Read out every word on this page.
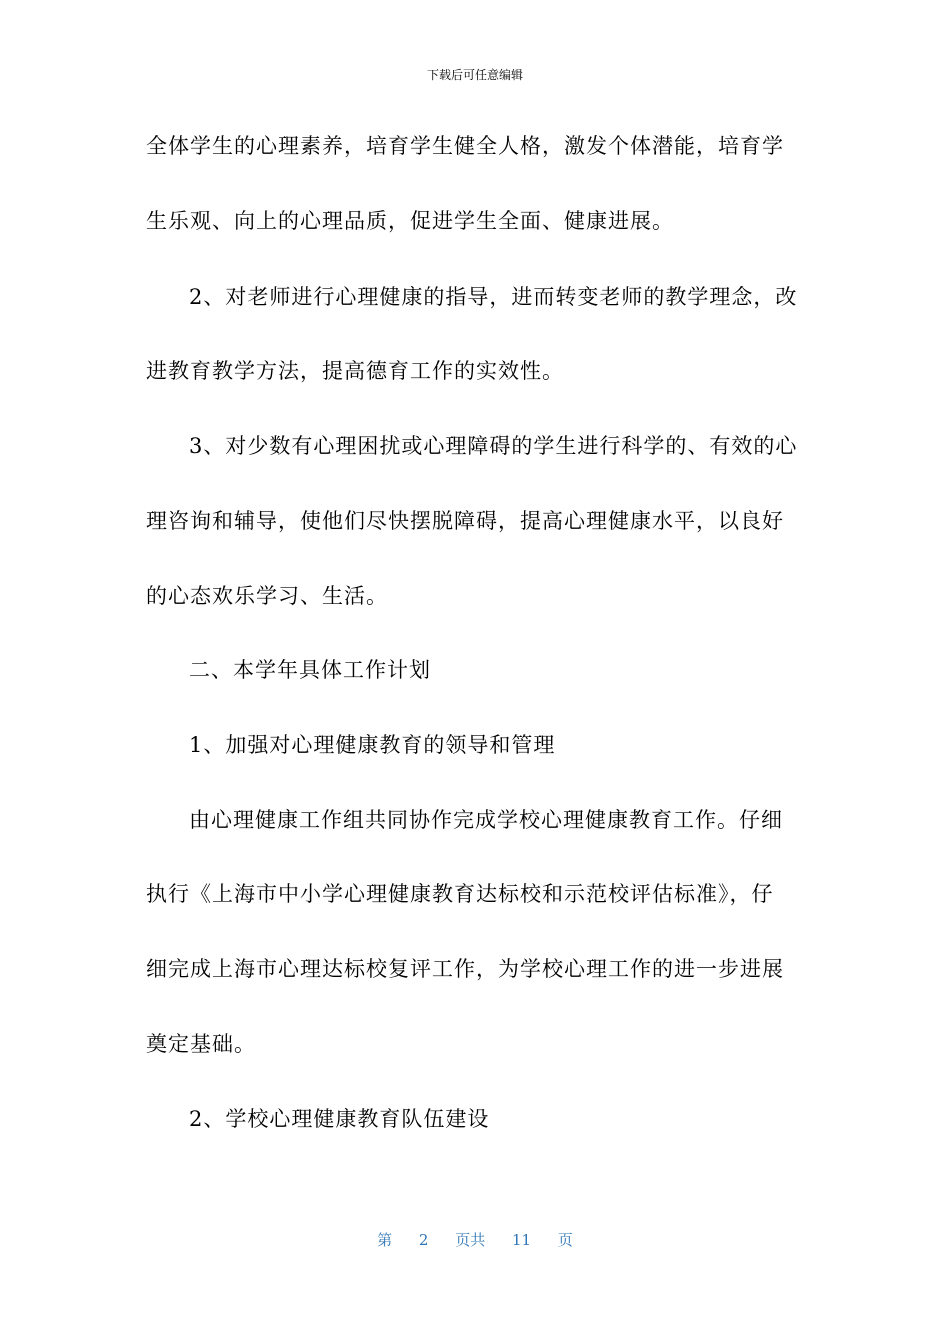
下载后可任意编辑
全体学生的心理素养，培育学生健全人格，激发个体潜能，培育学
生乐观、向上的心理品质，促进学生全面、健康进展。
2、对老师进行心理健康的指导，进而转变老师的教学理念，改
进教育教学方法，提高德育工作的实效性。
3、对少数有心理困扰或心理障碍的学生进行科学的、有效的心
理咨询和辅导，使他们尽快摆脱障碍，提高心理健康水平，以良好
的心态欢乐学习、生活。
二、本学年具体工作计划
1、加强对心理健康教育的领导和管理
由心理健康工作组共同协作完成学校心理健康教育工作。仔细
执行《上海市中小学心理健康教育达标校和示范校评估标准》，仔
细完成上海市心理达标校复评工作，为学校心理工作的进一步进展
奠定基础。
2、学校心理健康教育队伍建设
第 2 页共 11 页
